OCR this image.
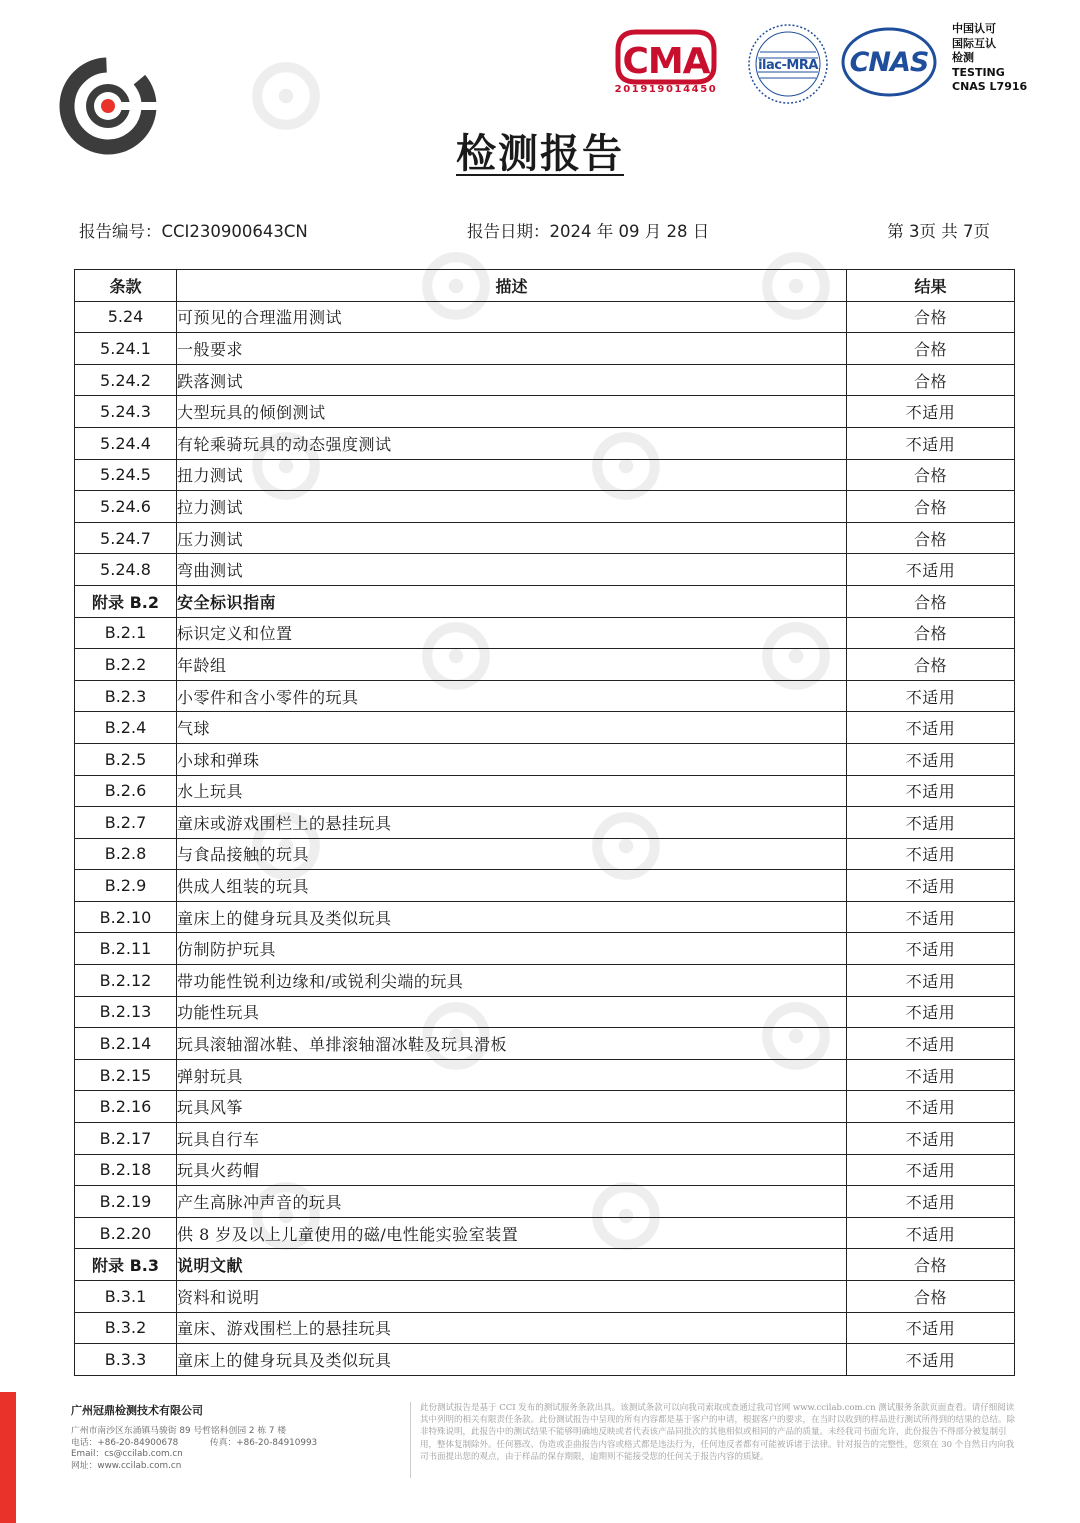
CMA
201919014450
ilac-MRA CNAS
中国认可
国际互认
检测
TESTING
CNAS L7916
检测报告
报告编号：CCI230900643CN	报告日期：2024 年 09 月 28 日	第 3页 共 7页
条款	描述	结果
5.24	可预见的合理滥用测试	合格
5.24.1	一般要求	合格
5.24.2	跌落测试	合格
5.24.3	大型玩具的倾倒测试	不适用
5.24.4	有轮乘骑玩具的动态强度测试	不适用
5.24.5	扭力测试	合格
5.24.6	拉力测试	合格
5.24.7	压力测试	合格
5.24.8	弯曲测试	不适用
附录 B.2	安全标识指南	合格
B.2.1	标识定义和位置	合格
B.2.2	年龄组	合格
B.2.3	小零件和含小零件的玩具	不适用
B.2.4	气球	不适用
B.2.5	小球和弹珠	不适用
B.2.6	水上玩具	不适用
B.2.7	童床或游戏围栏上的悬挂玩具	不适用
B.2.8	与食品接触的玩具	不适用
B.2.9	供成人组装的玩具	不适用
B.2.10	童床上的健身玩具及类似玩具	不适用
B.2.11	仿制防护玩具	不适用
B.2.12	带功能性锐利边缘和/或锐利尖端的玩具	不适用
B.2.13	功能性玩具	不适用
B.2.14	玩具滚轴溜冰鞋、单排滚轴溜冰鞋及玩具滑板	不适用
B.2.15	弹射玩具	不适用
B.2.16	玩具风筝	不适用
B.2.17	玩具自行车	不适用
B.2.18	玩具火药帽	不适用
B.2.19	产生高脉冲声音的玩具	不适用
B.2.20	供 8 岁及以上儿童使用的磁/电性能实验室装置	不适用
附录 B.3	说明文献	合格
B.3.1	资料和说明	合格
B.3.2	童床、游戏围栏上的悬挂玩具	不适用
B.3.3	童床上的健身玩具及类似玩具	不适用
广州冠鼎检测技术有限公司
广州市南沙区东涌镇马骏街 89 号哲铭科创园 2 栋 7 楼
电话：+86-20-84900678	传真：+86-20-84910993
Email：cs@ccilab.com.cn
网址：www.ccilab.com.cn
此份测试报告是基于 CCI 发布的测试服务条款出具。该测试条款可以向我司索取或查通过我司官网 www.ccilab.com.cn 测试服务条款页面查看。请仔细阅读其中列明的相关有限责任条款。此份测试报告中呈现的所有内容都是基于客户的申请，根据客户的要求，在当时以收到的样品进行测试所得到的结果的总结。除非特殊说明，此报告中的测试结果不能够明确地反映或者代表该产品同批次的其他相似或相同的产品的质量。未经我司书面允许，此份报告不得部分被复制引用，整体复制除外。任何篡改、伪造或歪曲报告内容或格式都是违法行为，任何违反者都有可能被诉诸于法律。针对报告的完整性，您须在 30 个自然日内向我司书面提出您的观点，由于样品的保存期限，逾期则不能接受您的任何关于报告内容的质疑。
